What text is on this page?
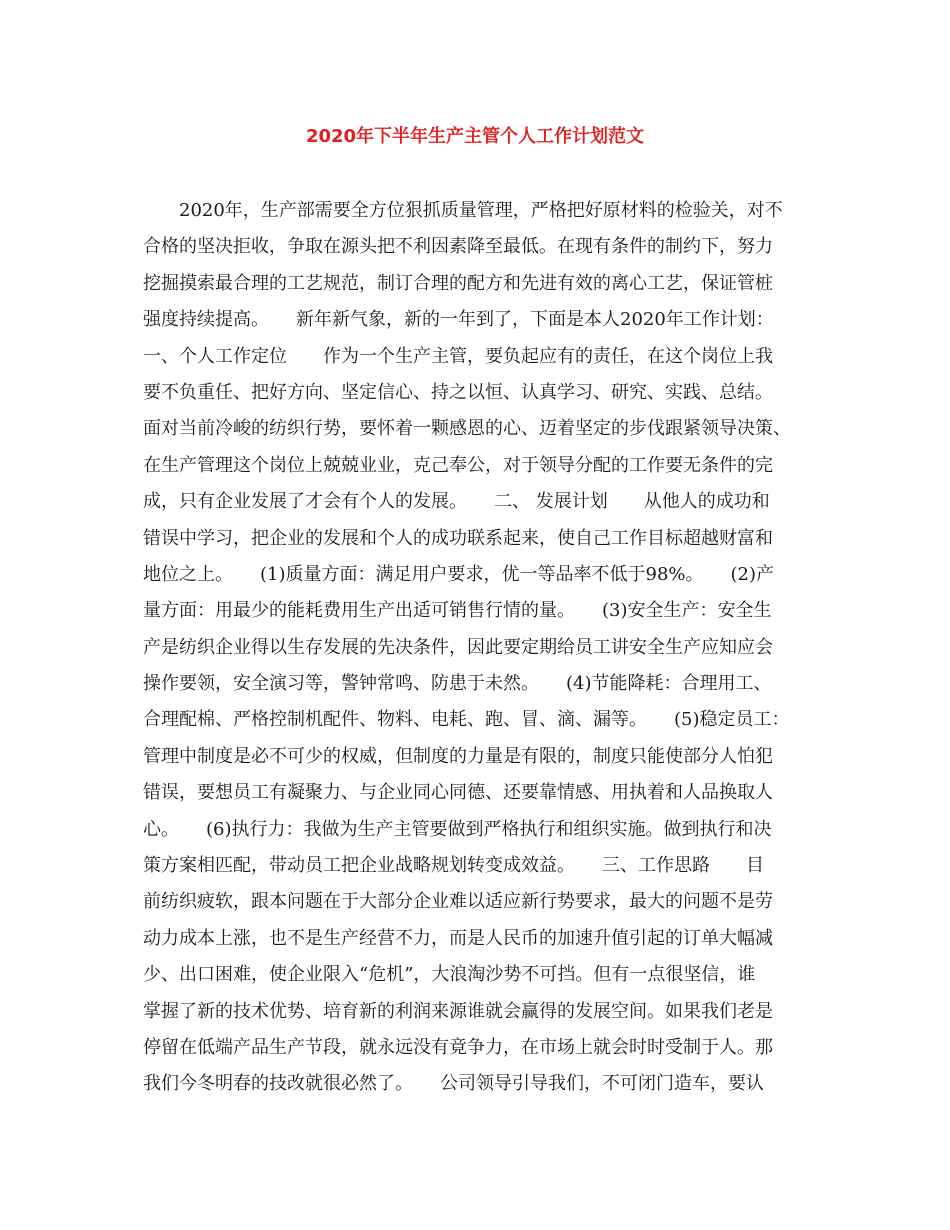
2020年下半年生产主管个人工作计划范文
　　2020年，生产部需要全方位狠抓质量管理，严格把好原材料的检验关，对不
合格的坚决拒收，争取在源头把不利因素降至最低。在现有条件的制约下，努力
挖掘摸索最合理的工艺规范，制订合理的配方和先进有效的离心工艺，保证管桩
强度持续提高。　　新年新气象，新的一年到了，下面是本人2020年工作计划：
一、个人工作定位　　作为一个生产主管，要负起应有的责任，在这个岗位上我
要不负重任、把好方向、坚定信心、持之以恒、认真学习、研究、实践、总结。
面对当前冷峻的纺织行势，要怀着一颗感恩的心、迈着坚定的步伐跟紧领导决策、
在生产管理这个岗位上兢兢业业，克己奉公，对于领导分配的工作要无条件的完
成，只有企业发展了才会有个人的发展。　　二、 发展计划　　从他人的成功和
错误中学习，把企业的发展和个人的成功联系起来，使自己工作目标超越财富和
地位之上。　　(1)质量方面：满足用户要求，优一等品率不低于98%。　　(2)产
量方面：用最少的能耗费用生产出适可销售行情的量。　　(3)安全生产：安全生
产是纺织企业得以生存发展的先决条件，因此要定期给员工讲安全生产应知应会
操作要领，安全演习等，警钟常鸣、防患于未然。　　(4)节能降耗：合理用工、
合理配棉、严格控制机配件、物料、电耗、跑、冒、滴、漏等。　　(5)稳定员工：
管理中制度是必不可少的权威，但制度的力量是有限的，制度只能使部分人怕犯
错误，要想员工有凝聚力、与企业同心同德、还要靠情感、用执着和人品换取人
心。　　(6)执行力：我做为生产主管要做到严格执行和组织实施。做到执行和决
策方案相匹配，带动员工把企业战略规划转变成效益。　　三、工作思路　　目
前纺织疲软，跟本问题在于大部分企业难以适应新行势要求，最大的问题不是劳
动力成本上涨，也不是生产经营不力，而是人民币的加速升值引起的订单大幅减
少、出口困难，使企业限入“危机”，大浪淘沙势不可挡。但有一点很坚信，谁
掌握了新的技术优势、培育新的利润来源谁就会赢得的发展空间。如果我们老是
停留在低端产品生产节段，就永远没有竟争力，在市场上就会时时受制于人。那
我们今冬明春的技改就很必然了。　　公司领导引导我们，不可闭门造车，要认
